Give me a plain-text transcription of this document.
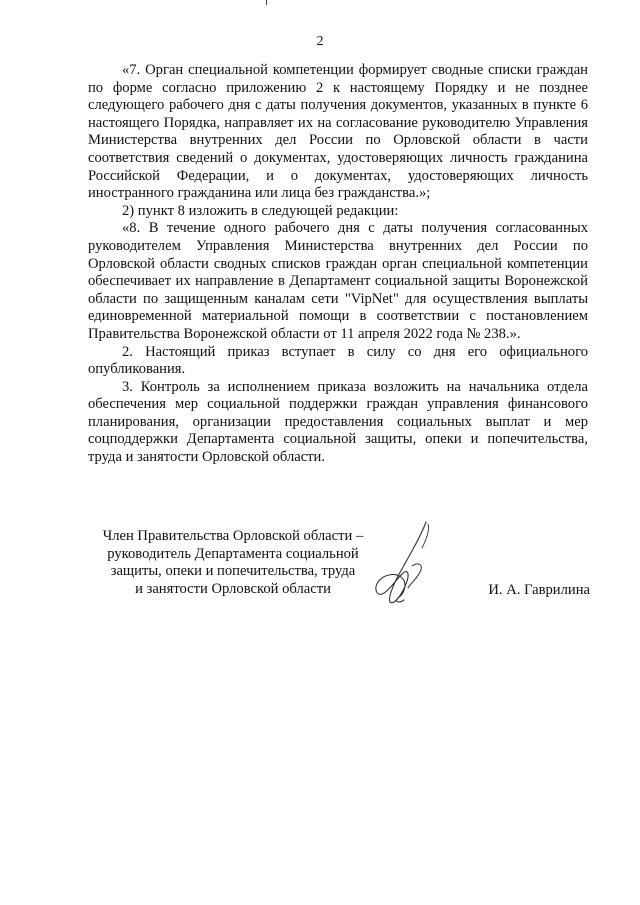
2

«7. Орган специальной компетенции формирует сводные списки граждан по форме согласно приложению 2 к настоящему Порядку и не позднее следующего рабочего дня с даты получения документов, указанных в пункте 6 настоящего Порядка, направляет их на согласование руководителю Управления Министерства внутренних дел России по Орловской области в части соответствия сведений о документах, удостоверяющих личность гражданина Российской Федерации, и о документах, удостоверяющих личность иностранного гражданина или лица без гражданства.»;

2) пункт 8 изложить в следующей редакции:

«8. В течение одного рабочего дня с даты получения согласованных руководителем Управления Министерства внутренних дел России по Орловской области сводных списков граждан орган специальной компетенции обеспечивает их направление в Департамент социальной защиты Воронежской области по защищенным каналам сети "VipNet" для осуществления выплаты единовременной материальной помощи в соответствии с постановлением Правительства Воронежской области от 11 апреля 2022 года № 238.».

2. Настоящий приказ вступает в силу со дня его официального опубликования.

3. Контроль за исполнением приказа возложить на начальника отдела обеспечения мер социальной поддержки граждан управления финансового планирования, организации предоставления социальных выплат и мер соцподдержки Департамента социальной защиты, опеки и попечительства, труда и занятости Орловской области.

Член Правительства Орловской области –
руководитель Департамента социальной
защиты, опеки и попечительства, труда
и занятости Орловской области	И. А. Гаврилина
